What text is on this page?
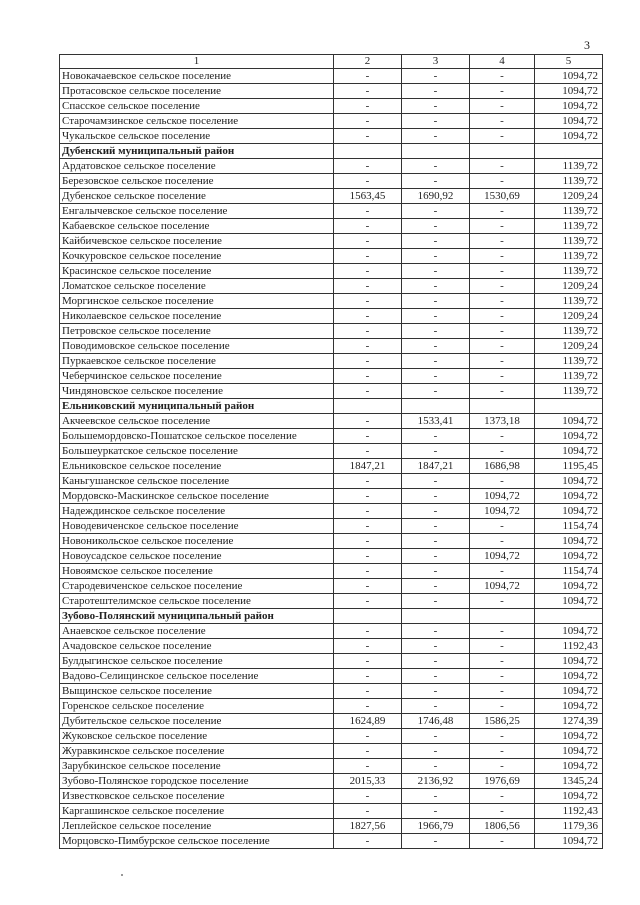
3
1	2	3	4	5
Новокачаевское сельское поселение	-	-	-	1094,72
Протасовское сельское поселение	-	-	-	1094,72
Спасское сельское поселение	-	-	-	1094,72
Старочамзинское сельское поселение	-	-	-	1094,72
Чукальское сельское поселение	-	-	-	1094,72
Дубенский муниципальный район				
Ардатовское сельское поселение	-	-	-	1139,72
Березовское сельское поселение	-	-	-	1139,72
Дубенское сельское поселение	1563,45	1690,92	1530,69	1209,24
Енгалычевское сельское поселение	-	-	-	1139,72
Кабаевское сельское поселение	-	-	-	1139,72
Кайбичевское сельское поселение	-	-	-	1139,72
Кочкуровское сельское поселение	-	-	-	1139,72
Красинское сельское поселение	-	-	-	1139,72
Ломатское сельское поселение	-	-	-	1209,24
Моргинское сельское поселение	-	-	-	1139,72
Николаевское сельское поселение	-	-	-	1209,24
Петровское сельское поселение	-	-	-	1139,72
Поводимовское сельское поселение	-	-	-	1209,24
Пуркаевское сельское поселение	-	-	-	1139,72
Чеберчинское сельское поселение	-	-	-	1139,72
Чиндяновское сельское поселение	-	-	-	1139,72
Ельниковский муниципальный район				
Акчеевское сельское поселение	-	1533,41	1373,18	1094,72
Большемордовско-Пошатское сельское поселение	-	-	-	1094,72
Большеуркатское сельское поселение	-	-	-	1094,72
Ельниковское сельское поселение	1847,21	1847,21	1686,98	1195,45
Каньгушанское сельское поселение	-	-	-	1094,72
Мордовско-Маскинское сельское поселение	-	-	1094,72	1094,72
Надеждинское сельское поселение	-	-	1094,72	1094,72
Новодевиченское сельское поселение	-	-	-	1154,74
Новоникольское сельское поселение	-	-	-	1094,72
Новоусадское сельское поселение	-	-	1094,72	1094,72
Новоямское сельское поселение	-	-	-	1154,74
Стародевиченское сельское поселение	-	-	1094,72	1094,72
Старотештелимское сельское поселение	-	-	-	1094,72
Зубово-Полянский муниципальный район				
Анаевское сельское поселение	-	-	-	1094,72
Ачадовское сельское поселение	-	-	-	1192,43
Булдыгинское сельское поселение	-	-	-	1094,72
Вадово-Селищинское сельское поселение	-	-	-	1094,72
Выщинское сельское поселение	-	-	-	1094,72
Горенское сельское поселение	-	-	-	1094,72
Дубительское сельское поселение	1624,89	1746,48	1586,25	1274,39
Жуковское сельское поселение	-	-	-	1094,72
Журавкинское сельское поселение	-	-	-	1094,72
Зарубкинское сельское поселение	-	-	-	1094,72
Зубово-Полянское городское поселение	2015,33	2136,92	1976,69	1345,24
Известковское сельское поселение	-	-	-	1094,72
Каргашинское сельское поселение	-	-	-	1192,43
Леплейское сельское поселение	1827,56	1966,79	1806,56	1179,36
Морцовско-Пимбурское сельское поселение	-	-	-	1094,72
